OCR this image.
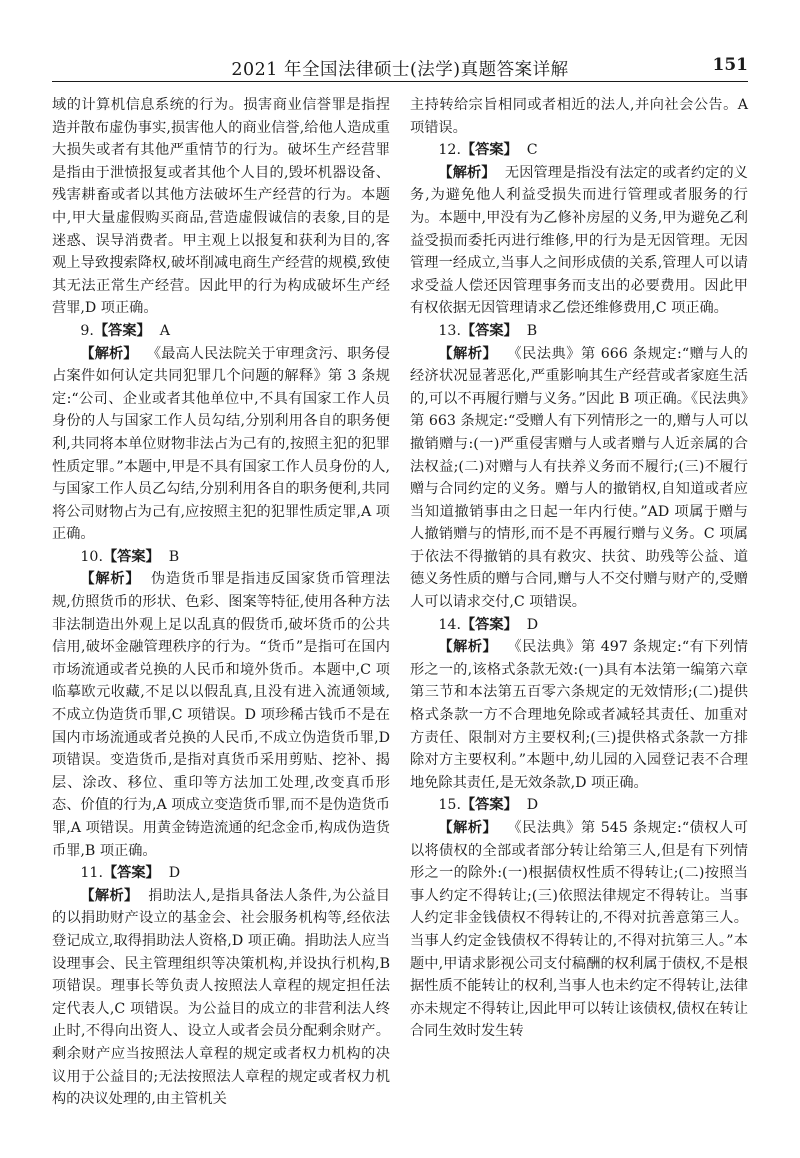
2021 年全国法律硕士(法学)真题答案详解	151
域的计算机信息系统的行为。损害商业信誉罪是指捏造并散布虚伪事实,损害他人的商业信誉,给他人造成重大损失或者有其他严重情节的行为。破坏生产经营罪是指由于泄愤报复或者其他个人目的,毁坏机器设备、残害耕畜或者以其他方法破坏生产经营的行为。本题中,甲大量虚假购买商品,营造虚假诚信的表象,目的是迷惑、误导消费者。甲主观上以报复和获利为目的,客观上导致搜索降权,破坏削减电商生产经营的规模,致使其无法正常生产经营。因此甲的行为构成破坏生产经营罪,D 项正确。
9.【答案】 A
【解析】 《最高人民法院关于审理贪污、职务侵占案件如何认定共同犯罪几个问题的解释》第 3 条规定:“公司、企业或者其他单位中,不具有国家工作人员身份的人与国家工作人员勾结,分别利用各自的职务便利,共同将本单位财物非法占为己有的,按照主犯的犯罪性质定罪。”本题中,甲是不具有国家工作人员身份的人,与国家工作人员乙勾结,分别利用各自的职务便利,共同将公司财物占为己有,应按照主犯的犯罪性质定罪,A 项正确。
10.【答案】 B
【解析】 伪造货币罪是指违反国家货币管理法规,仿照货币的形状、色彩、图案等特征,使用各种方法非法制造出外观上足以乱真的假货币,破坏货币的公共信用,破坏金融管理秩序的行为。“货币”是指可在国内市场流通或者兑换的人民币和境外货币。本题中,C 项临摹欧元收藏,不足以以假乱真,且没有进入流通领域,不成立伪造货币罪,C 项错误。D 项珍稀古钱币不是在国内市场流通或者兑换的人民币,不成立伪造货币罪,D 项错误。变造货币,是指对真货币采用剪贴、挖补、揭层、涂改、移位、重印等方法加工处理,改变真币形态、价值的行为,A 项成立变造货币罪,而不是伪造货币罪,A 项错误。用黄金铸造流通的纪念金币,构成伪造货币罪,B 项正确。
11.【答案】 D
【解析】 捐助法人,是指具备法人条件,为公益目的以捐助财产设立的基金会、社会服务机构等,经依法登记成立,取得捐助法人资格,D 项正确。捐助法人应当设理事会、民主管理组织等决策机构,并设执行机构,B 项错误。理事长等负责人按照法人章程的规定担任法定代表人,C 项错误。为公益目的成立的非营利法人终止时,不得向出资人、设立人或者会员分配剩余财产。剩余财产应当按照法人章程的规定或者权力机构的决议用于公益目的;无法按照法人章程的规定或者权力机构的决议处理的,由主管机关
主持转给宗旨相同或者相近的法人,并向社会公告。A 项错误。
12.【答案】 C
【解析】 无因管理是指没有法定的或者约定的义务,为避免他人利益受损失而进行管理或者服务的行为。本题中,甲没有为乙修补房屋的义务,甲为避免乙利益受损而委托丙进行维修,甲的行为是无因管理。无因管理一经成立,当事人之间形成债的关系,管理人可以请求受益人偿还因管理事务而支出的必要费用。因此甲有权依据无因管理请求乙偿还维修费用,C 项正确。
13.【答案】 B
【解析】 《民法典》第 666 条规定:“赠与人的经济状况显著恶化,严重影响其生产经营或者家庭生活的,可以不再履行赠与义务。”因此 B 项正确。《民法典》第 663 条规定:“受赠人有下列情形之一的,赠与人可以撤销赠与:(一)严重侵害赠与人或者赠与人近亲属的合法权益;(二)对赠与人有扶养义务而不履行;(三)不履行赠与合同约定的义务。赠与人的撤销权,自知道或者应当知道撤销事由之日起一年内行使。”AD 项属于赠与人撤销赠与的情形,而不是不再履行赠与义务。C 项属于依法不得撤销的具有救灾、扶贫、助残等公益、道德义务性质的赠与合同,赠与人不交付赠与财产的,受赠人可以请求交付,C 项错误。
14.【答案】 D
【解析】 《民法典》第 497 条规定:“有下列情形之一的,该格式条款无效:(一)具有本法第一编第六章第三节和本法第五百零六条规定的无效情形;(二)提供格式条款一方不合理地免除或者减轻其责任、加重对方责任、限制对方主要权利;(三)提供格式条款一方排除对方主要权利。”本题中,幼儿园的入园登记表不合理地免除其责任,是无效条款,D 项正确。
15.【答案】 D
【解析】 《民法典》第 545 条规定:“债权人可以将债权的全部或者部分转让给第三人,但是有下列情形之一的除外:(一)根据债权性质不得转让;(二)按照当事人约定不得转让;(三)依照法律规定不得转让。当事人约定非金钱债权不得转让的,不得对抗善意第三人。当事人约定金钱债权不得转让的,不得对抗第三人。”本题中,甲请求影视公司支付稿酬的权利属于债权,不是根据性质不能转让的权利,当事人也未约定不得转让,法律亦未规定不得转让,因此甲可以转让该债权,债权在转让合同生效时发生转
